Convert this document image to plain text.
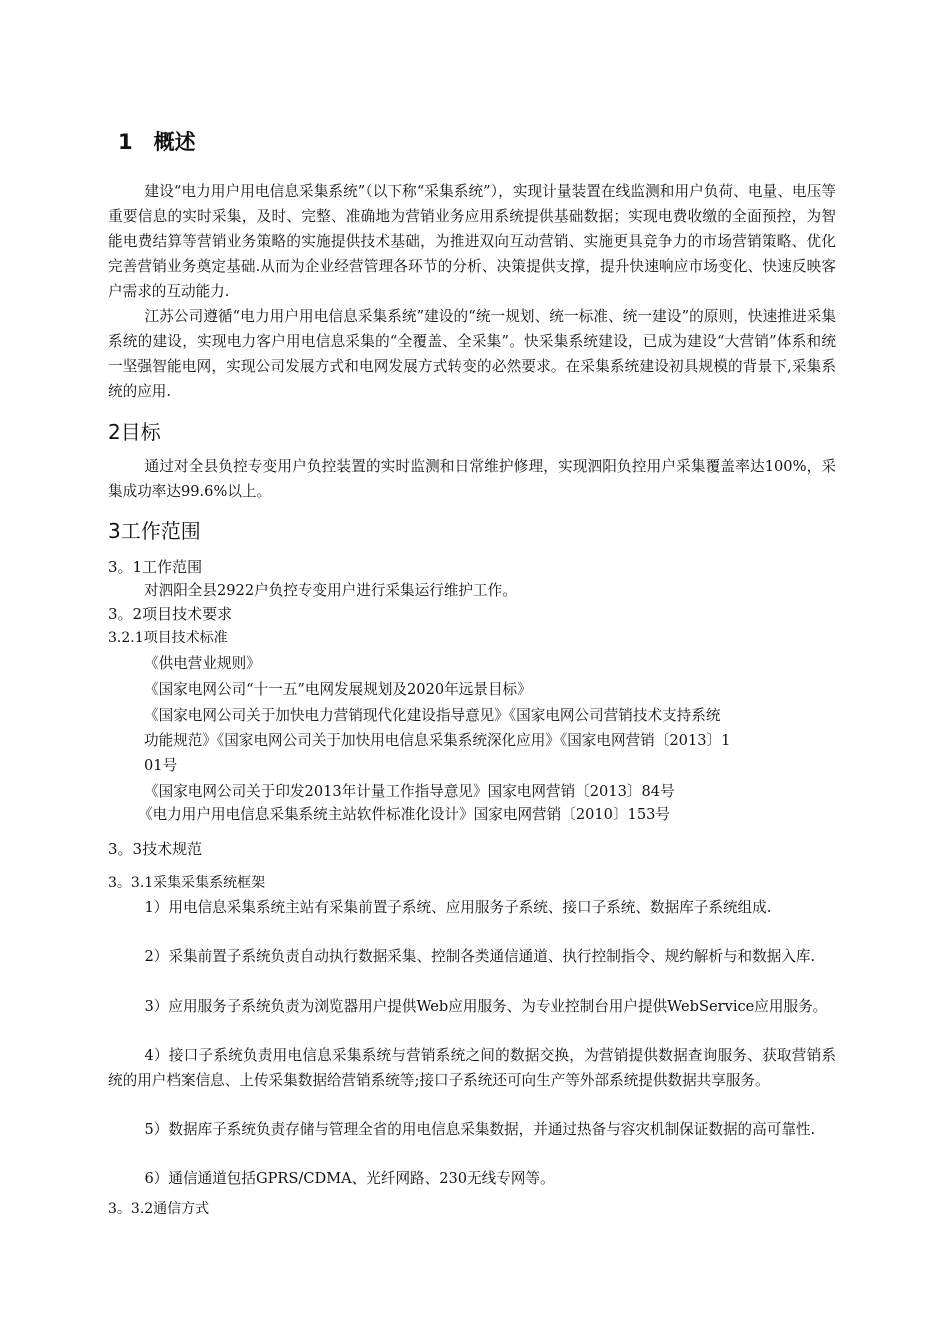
1　概述
建设“电力用户用电信息采集系统”（以下称“采集系统”），实现计量装置在线监测和用户负荷、电量、电压等重要信息的实时采集，及时、完整、准确地为营销业务应用系统提供基础数据；实现电费收缴的全面预控，为智能电费结算等营销业务策略的实施提供技术基础，为推进双向互动营销、实施更具竞争力的市场营销策略、优化完善营销业务奠定基础.从而为企业经营管理各环节的分析、决策提供支撑，提升快速响应市场变化、快速反映客户需求的互动能力.
江苏公司遵循“电力用户用电信息采集系统”建设的“统一规划、统一标准、统一建设”的原则，快速推进采集系统的建设，实现电力客户用电信息采集的“全覆盖、全采集”。快采集系统建设，已成为建设“大营销”体系和统一坚强智能电网，实现公司发展方式和电网发展方式转变的必然要求。在采集系统建设初具规模的背景下,采集系统的应用.
2目标
通过对全县负控专变用户负控装置的实时监测和日常维护修理，实现泗阳负控用户采集覆盖率达100%，采集成功率达99.6%以上。
3工作范围
3。1工作范围
对泗阳全县2922户负控专变用户进行采集运行维护工作。
3。2项目技术要求
3.2.1项目技术标准
《供电营业规则》
《国家电网公司“十一五”电网发展规划及2020年远景目标》
《国家电网公司关于加快电力营销现代化建设指导意见》《国家电网公司营销技术支持系统
功能规范》《国家电网公司关于加快用电信息采集系统深化应用》《国家电网营销〔2013〕1
01号
《国家电网公司关于印发2013年计量工作指导意见》国家电网营销〔2013〕84号
《电力用户用电信息采集系统主站软件标准化设计》国家电网营销〔2010〕153号
3。3技术规范
3。3.1采集采集系统框架
1）用电信息采集系统主站有采集前置子系统、应用服务子系统、接口子系统、数据库子系统组成.
2）采集前置子系统负责自动执行数据采集、控制各类通信通道、执行控制指令、规约解析与和数据入库.
3）应用服务子系统负责为浏览器用户提供Web应用服务、为专业控制台用户提供WebService应用服务。
4）接口子系统负责用电信息采集系统与营销系统之间的数据交换，为营销提供数据查询服务、获取营销系统的用户档案信息、上传采集数据给营销系统等;接口子系统还可向生产等外部系统提供数据共享服务。
5）数据库子系统负责存储与管理全省的用电信息采集数据，并通过热备与容灾机制保证数据的高可靠性.
6）通信通道包括GPRS/CDMA、光纤网路、230无线专网等。
3。3.2通信方式
